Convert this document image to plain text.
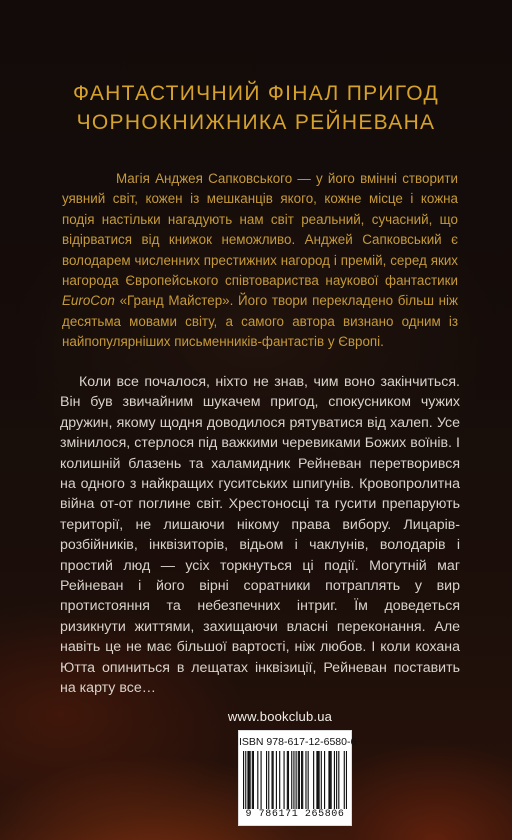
ФАНТАСТИЧНИЙ ФІНАЛ ПРИГОД
ЧОРНОКНИЖНИКА РЕЙНЕВАНА

Магія Анджея Сапковського — у його вмінні створити уявний світ, кожен із мешканців якого, кожне місце і кожна подія настільки нагадують нам світ реальний, сучасний, що відірватися від книжок неможливо. Анджей Сапковський є володарем численних престижних нагород і премій, серед яких нагорода Європейського співтовариства наукової фантастики EuroCon «Гранд Майстер». Його твори перекладено більш ніж десятьма мовами світу, а самого автора визнано одним із найпопулярніших письменників-фантастів у Європі.

Коли все почалося, ніхто не знав, чим воно закінчиться. Він був звичайним шукачем пригод, спокусником чужих дружин, якому щодня доводилося рятуватися від халеп. Усе змінилося, стерлося під важкими черевиками Божих воїнів. І колишній блазень та халамидник Рейневан перетворився на одного з найкращих гуситських шпигунів. Кровопролитна війна от-от поглине світ. Хрестоносці та гусити препарують території, не лишаючи нікому права вибору. Лицарів-розбійників, інквізиторів, відьом і чаклунів, володарів і простий люд — усіх торкнуться ці події. Могутній маг Рейневан і його вірні соратники потраплять у вир протистояння та небезпечних інтриг. Їм доведеться ризикнути життями, захищаючи власні переконання. Але навіть це не має більшої вартості, ніж любов. І коли кохана Ютта опиниться в лещатах інквізиції, Рейневан поставить на карту все…

www.bookclub.ua
ISBN 978-617-12-6580-6
9 786171 265806
